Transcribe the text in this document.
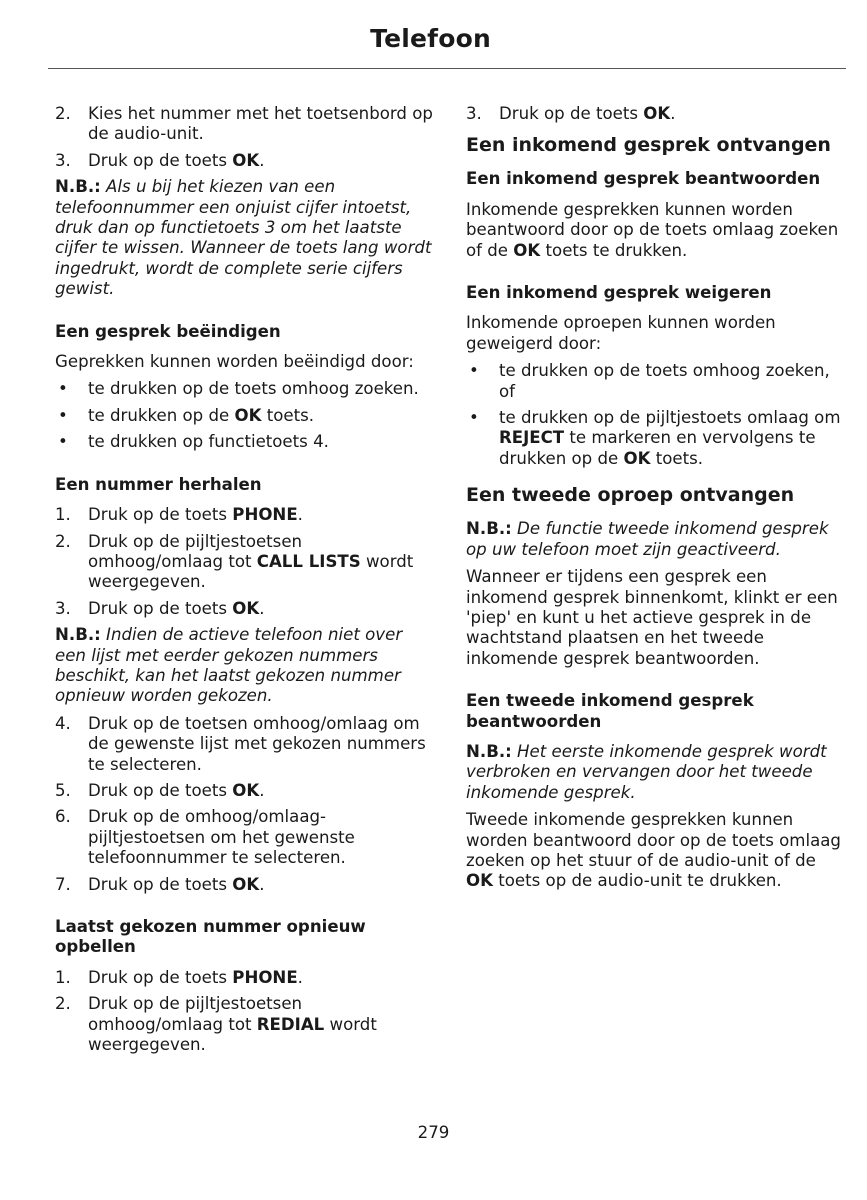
Telefoon
2.	Kies het nummer met het toetsenbord op de audio-unit.
3.	Druk op de toets OK.

N.B.: Als u bij het kiezen van een telefoonnummer een onjuist cijfer intoetst, druk dan op functietoets 3 om het laatste cijfer te wissen. Wanneer de toets lang wordt ingedrukt, wordt de complete serie cijfers gewist.

Een gesprek beëindigen

Geprekken kunnen worden beëindigd door:

• te drukken op de toets omhoog zoeken.
• te drukken op de OK toets.
• te drukken op functietoets 4.
Een nummer herhalen
1.	Druk op de toets PHONE.
2.	Druk op de pijltjestoetsen omhoog/omlaag tot CALL LISTS wordt weergegeven.
3.	Druk op de toets OK.

N.B.: Indien de actieve telefoon niet over een lijst met eerder gekozen nummers beschikt, kan het laatst gekozen nummer opnieuw worden gekozen.

4.	Druk op de toetsen omhoog/omlaag om de gewenste lijst met gekozen nummers te selecteren.
5.	Druk op de toets OK.
6.	Druk op de omhoog/omlaag-pijltjestoetsen om het gewenste telefoonnummer te selecteren.
7.	Druk op de toets OK.
Laatst gekozen nummer opnieuw opbellen
1.	Druk op de toets PHONE.
2.	Druk op de pijltjestoetsen omhoog/omlaag tot REDIAL wordt weergegeven.
3.	Druk op de toets OK.
Een inkomend gesprek ontvangen
Een inkomend gesprek beantwoorden

Inkomende gesprekken kunnen worden beantwoord door op de toets omlaag zoeken of de OK toets te drukken.

Een inkomend gesprek weigeren

Inkomende oproepen kunnen worden geweigerd door:

• te drukken op de toets omhoog zoeken, of
• te drukken op de pijltjestoets omlaag om REJECT te markeren en vervolgens te drukken op de OK toets.
Een tweede oproep ontvangen

N.B.: De functie tweede inkomend gesprek op uw telefoon moet zijn geactiveerd.

Wanneer er tijdens een gesprek een inkomend gesprek binnenkomt, klinkt er een 'piep' en kunt u het actieve gesprek in de wachtstand plaatsen en het tweede inkomende gesprek beantwoorden.

Een tweede inkomend gesprek beantwoorden

N.B.: Het eerste inkomende gesprek wordt verbroken en vervangen door het tweede inkomende gesprek.

Tweede inkomende gesprekken kunnen worden beantwoord door op de toets omlaag zoeken op het stuur of de audio-unit of de OK toets op de audio-unit te drukken.

279
